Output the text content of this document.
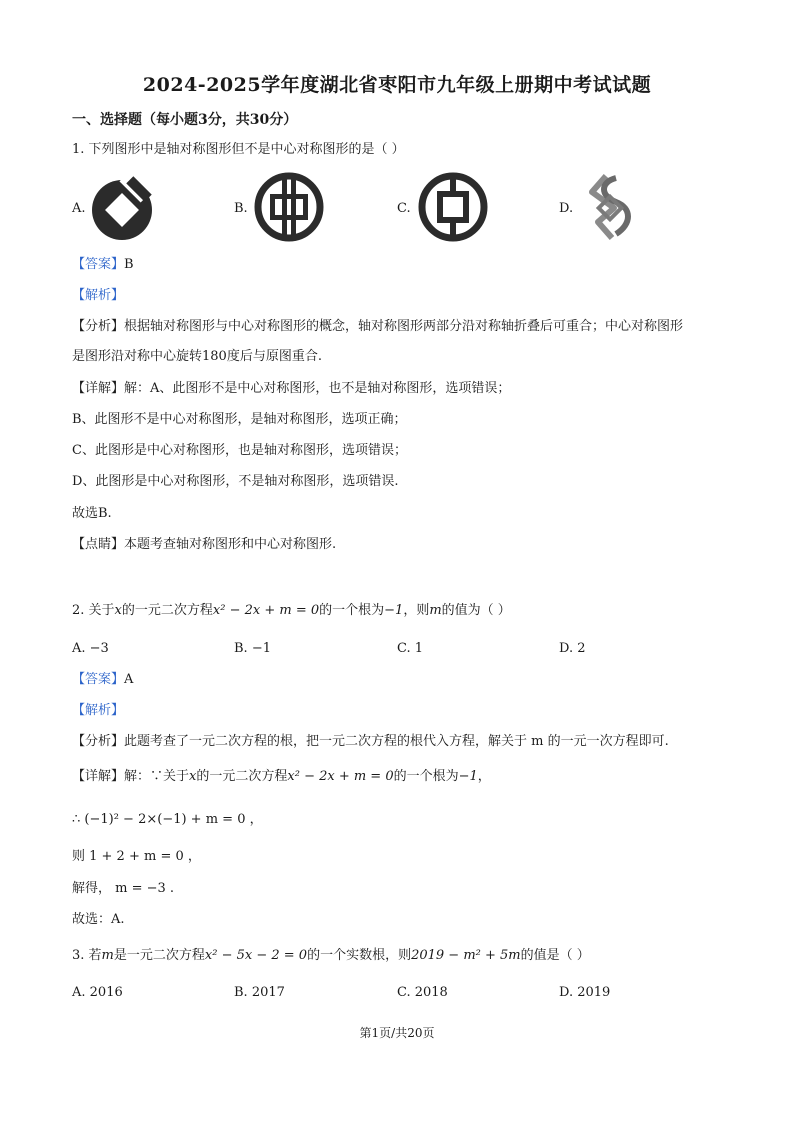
2024-2025学年度湖北省枣阳市九年级上册期中考试试题
一、选择题（每小题3分，共30分）
1. 下列图形中是轴对称图形但不是中心对称图形的是（ ）
A.	B.	C.	D.
【答案】B
【解析】
【分析】根据轴对称图形与中心对称图形的概念，轴对称图形两部分沿对称轴折叠后可重合；中心对称图形
是图形沿对称中心旋转180度后与原图重合.
【详解】解：A、此图形不是中心对称图形，也不是轴对称图形，选项错误；
B、此图形不是中心对称图形，是轴对称图形，选项正确；
C、此图形是中心对称图形，也是轴对称图形，选项错误；
D、此图形是中心对称图形，不是轴对称图形，选项错误.
故选B.
【点睛】本题考查轴对称图形和中心对称图形.
2. 关于x的一元二次方程x² − 2x + m = 0的一个根为−1，则m的值为（ ）
A. −3	B. −1	C. 1	D. 2
【答案】A
【解析】
【分析】此题考查了一元二次方程的根，把一元二次方程的根代入方程，解关于 m 的一元一次方程即可.
【详解】解：∵关于x的一元二次方程x² − 2x + m = 0的一个根为−1，
∴ (−1)² − 2×(−1) + m = 0 ，
则 1 + 2 + m = 0 ，
解得， m = −3 .
故选：A.
3. 若m是一元二次方程x² − 5x − 2 = 0的一个实数根，则2019 − m² + 5m的值是（ ）
A. 2016	B. 2017	C. 2018	D. 2019
第1页/共20页
